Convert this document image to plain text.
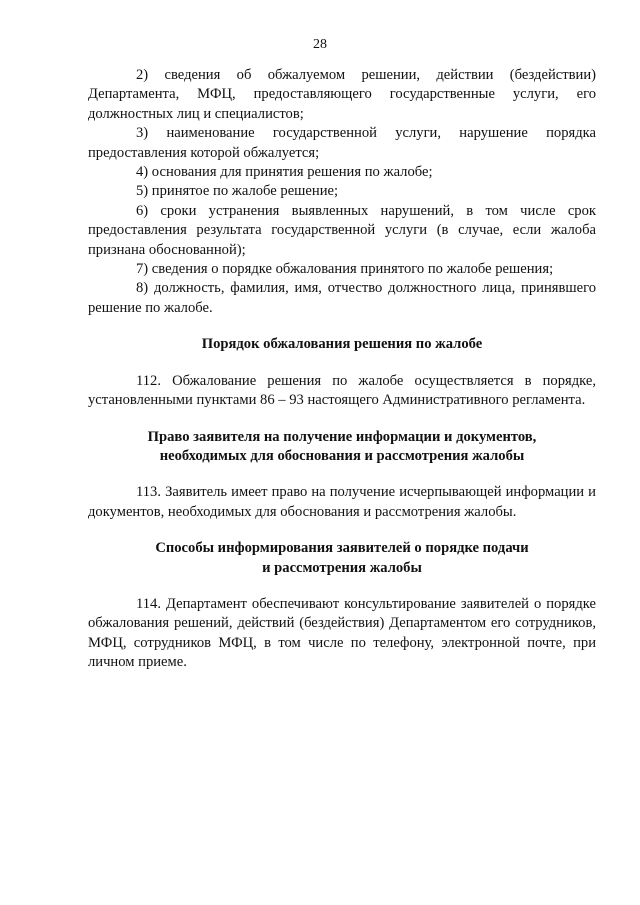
28

2) сведения об обжалуемом решении, действии (бездействии) Департамента, МФЦ, предоставляющего государственные услуги, его должностных лиц и специалистов;

3) наименование государственной услуги, нарушение порядка предоставления которой обжалуется;

4) основания для принятия решения по жалобе;

5) принятое по жалобе решение;

6) сроки устранения выявленных нарушений, в том числе срок предоставления результата государственной услуги (в случае, если жалоба признана обоснованной);

7) сведения о порядке обжалования принятого по жалобе решения;

8) должность, фамилия, имя, отчество должностного лица, принявшего решение по жалобе.

Порядок обжалования решения по жалобе

112. Обжалование решения по жалобе осуществляется в порядке, установленными пунктами 86 – 93 настоящего Административного регламента.

Право заявителя на получение информации и документов,
необходимых для обоснования и рассмотрения жалобы

113. Заявитель имеет право на получение исчерпывающей информации и документов, необходимых для обоснования и рассмотрения жалобы.

Способы информирования заявителей о порядке подачи
и рассмотрения жалобы

114. Департамент обеспечивают консультирование заявителей о порядке обжалования решений, действий (бездействия) Департаментом его сотрудников, МФЦ, сотрудников МФЦ, в том числе по телефону, электронной почте, при личном приеме.
